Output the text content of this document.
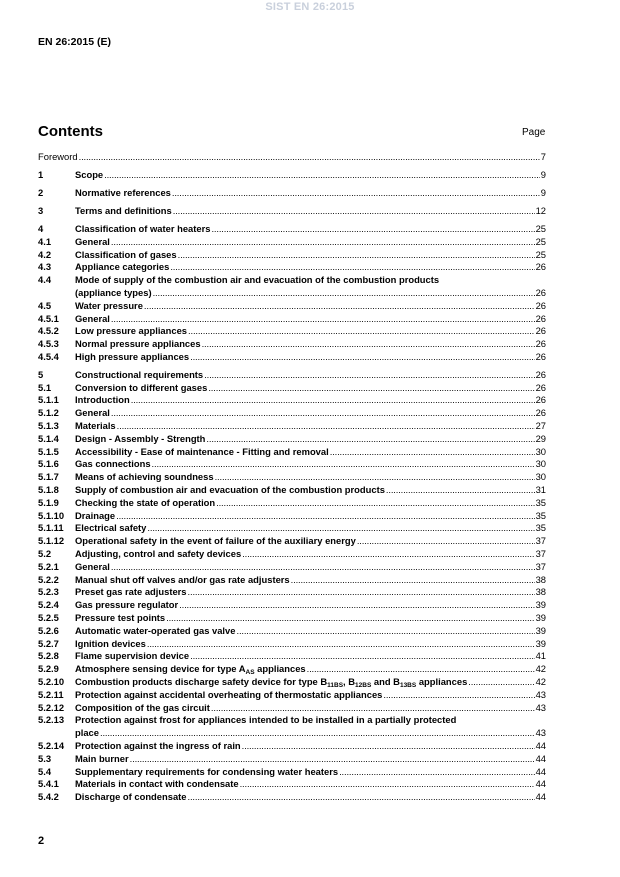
SIST EN 26:2015
EN 26:2015 (E)
Contents	Page
Foreword .....	7
1	Scope .....	9
2	Normative references .....	9
3	Terms and definitions .....	12
4	Classification of water heaters .....	25
4.1	General .....	25
4.2	Classification of gases .....	25
4.3	Appliance categories .....	26
4.4	Mode of supply of the combustion air and evacuation of the combustion products
(appliance types) .....	26
4.5	Water pressure .....	26
4.5.1	General .....	26
4.5.2	Low pressure appliances .....	26
4.5.3	Normal pressure appliances .....	26
4.5.4	High pressure appliances .....	26
5	Constructional requirements .....	26
5.1	Conversion to different gases .....	26
5.1.1	Introduction .....	26
5.1.2	General .....	26
5.1.3	Materials .....	27
5.1.4	Design - Assembly - Strength .....	29
5.1.5	Accessibility - Ease of maintenance - Fitting and removal .....	30
5.1.6	Gas connections .....	30
5.1.7	Means of achieving soundness .....	30
5.1.8	Supply of combustion air and evacuation of the combustion products .....	31
5.1.9	Checking the state of operation .....	35
5.1.10	Drainage .....	35
5.1.11	Electrical safety .....	35
5.1.12	Operational safety in the event of failure of the auxiliary energy .....	37
5.2	Adjusting, control and safety devices .....	37
5.2.1	General .....	37
5.2.2	Manual shut off valves and/or gas rate adjusters .....	38
5.2.3	Preset gas rate adjusters .....	38
5.2.4	Gas pressure regulator .....	39
5.2.5	Pressure test points .....	39
5.2.6	Automatic water-operated gas valve .....	39
5.2.7	Ignition devices .....	39
5.2.8	Flame supervision device .....	41
5.2.9	Atmosphere sensing device for type $A_{AS}$ appliances .....	42
5.2.10	Combustion products discharge safety device for type $B_{11BS}$, $B_{12BS}$ and $B_{13BS}$ appliances .....	42
5.2.11	Protection against accidental overheating of thermostatic appliances .....	43
5.2.12	Composition of the gas circuit .....	43
5.2.13	Protection against frost for appliances intended to be installed in a partially protected
place .....	43
5.2.14	Protection against the ingress of rain .....	44
5.3	Main burner .....	44
5.4	Supplementary requirements for condensing water heaters .....	44
5.4.1	Materials in contact with condensate .....	44
5.4.2	Discharge of condensate .....	44
2
